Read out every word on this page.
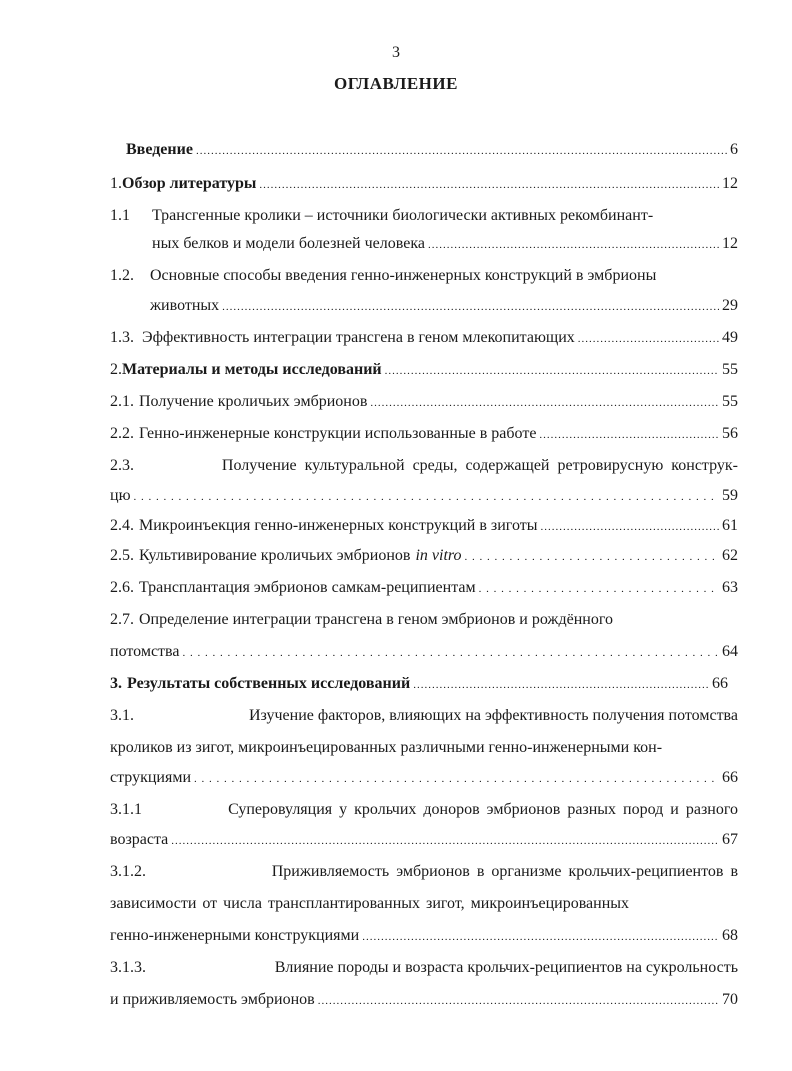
3
ОГЛАВЛЕНИЕ
Введение .....	6
1. Обзор литературы .....	12
1.1	Трансгенные кролики – источники биологически активных рекомбинант-
ных белков и модели болезней человека .....	12
1.2.	Основные способы введения генно-инженерных конструкций в эмбрионы
животных .....	29
1.3. Эффективность интеграции трансгена в геном млекопитающих .....	49
2. Материалы и методы исследований .....	55
2.1. Получение кроличьих эмбрионов .....	55
2.2. Генно-инженерные конструкции использованные в работе .....	56
2.3.	Получение культуральной среды, содержащей ретровирусную конструк-
цю . . .	59
2.4. Микроинъекция генно-инженерных конструкций в зиготы .....	61
2.5. Культивирование кроличьих эмбрионов in vitro . . .	62
2.6. Трансплантация эмбрионов самкам-реципиентам . . .	63
2.7. Определение интеграции трансгена в геном эмбрионов и рождённого
потомства . . .	64
3. Результаты собственных исследований .....	66
3.1.	Изучение факторов, влияющих на эффективность получения потомства
кроликов из зигот, микроинъецированных различными генно-инженерными кон-
струкциями . . .	66
3.1.1	Суперовуляция у крольчих доноров эмбрионов разных пород и разного
возраста .....	67
3.1.2.	Приживляемость эмбрионов в организме крольчих-реципиентов в
зависимости от числа трансплантированных зигот, микроинъецированных
генно-инженерными конструкциями .....	68
3.1.3.	Влияние породы и возраста крольчих-реципиентов на сукрольность
и приживляемость эмбрионов .....	70
